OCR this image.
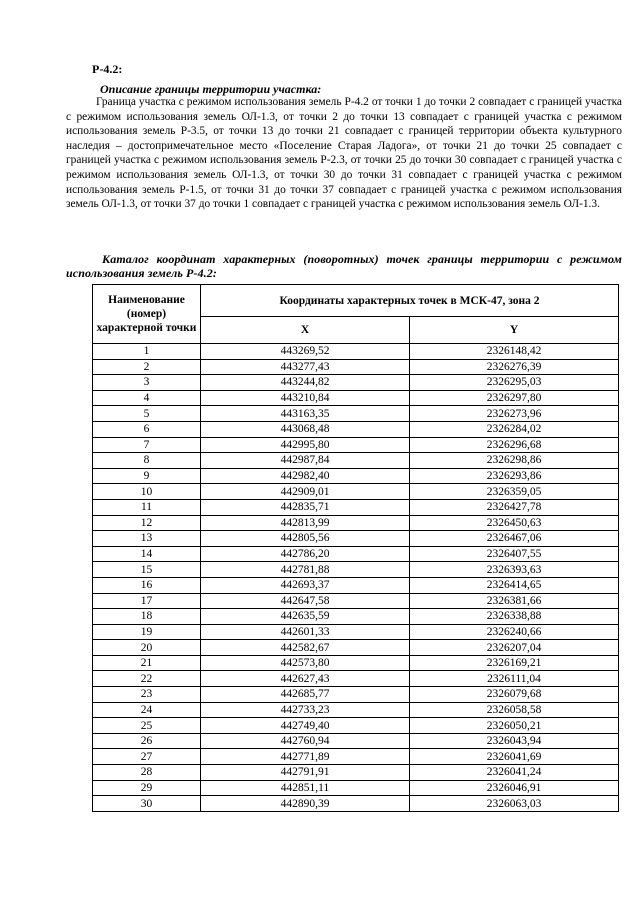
Р-4.2:
Описание границы территории участка:
Граница участка с режимом использования земель Р-4.2 от точки 1 до точки 2 совпадает с границей участка с режимом использования земель ОЛ-1.3, от точки 2 до точки 13 совпадает с границей участка с режимом использования земель Р-3.5, от точки 13 до точки 21 совпадает с границей территории объекта культурного наследия – достопримечательное место «Поселение Старая Ладога», от точки 21 до точки 25 совпадает с границей участка с режимом использования земель Р-2.3, от точки 25 до точки 30 совпадает с границей участка с режимом использования земель ОЛ-1.3, от точки 30 до точки 31 совпадает с границей участка с режимом использования земель Р-1.5, от точки 31 до точки 37 совпадает с границей участка с режимом использования земель ОЛ-1.3, от точки 37 до точки 1 совпадает с границей участка с режимом использования земель ОЛ-1.3.
Каталог координат характерных (поворотных) точек границы территории с режимом использования земель Р-4.2:
Наименование (номер) характерной точки	Координаты характерных точек в МСК-47, зона 2	
	X	Y
1	443269,52	2326148,42
2	443277,43	2326276,39
3	443244,82	2326295,03
4	443210,84	2326297,80
5	443163,35	2326273,96
6	443068,48	2326284,02
7	442995,80	2326296,68
8	442987,84	2326298,86
9	442982,40	2326293,86
10	442909,01	2326359,05
11	442835,71	2326427,78
12	442813,99	2326450,63
13	442805,56	2326467,06
14	442786,20	2326407,55
15	442781,88	2326393,63
16	442693,37	2326414,65
17	442647,58	2326381,66
18	442635,59	2326338,88
19	442601,33	2326240,66
20	442582,67	2326207,04
21	442573,80	2326169,21
22	442627,43	2326111,04
23	442685,77	2326079,68
24	442733,23	2326058,58
25	442749,40	2326050,21
26	442760,94	2326043,94
27	442771,89	2326041,69
28	442791,91	2326041,24
29	442851,11	2326046,91
30	442890,39	2326063,03
